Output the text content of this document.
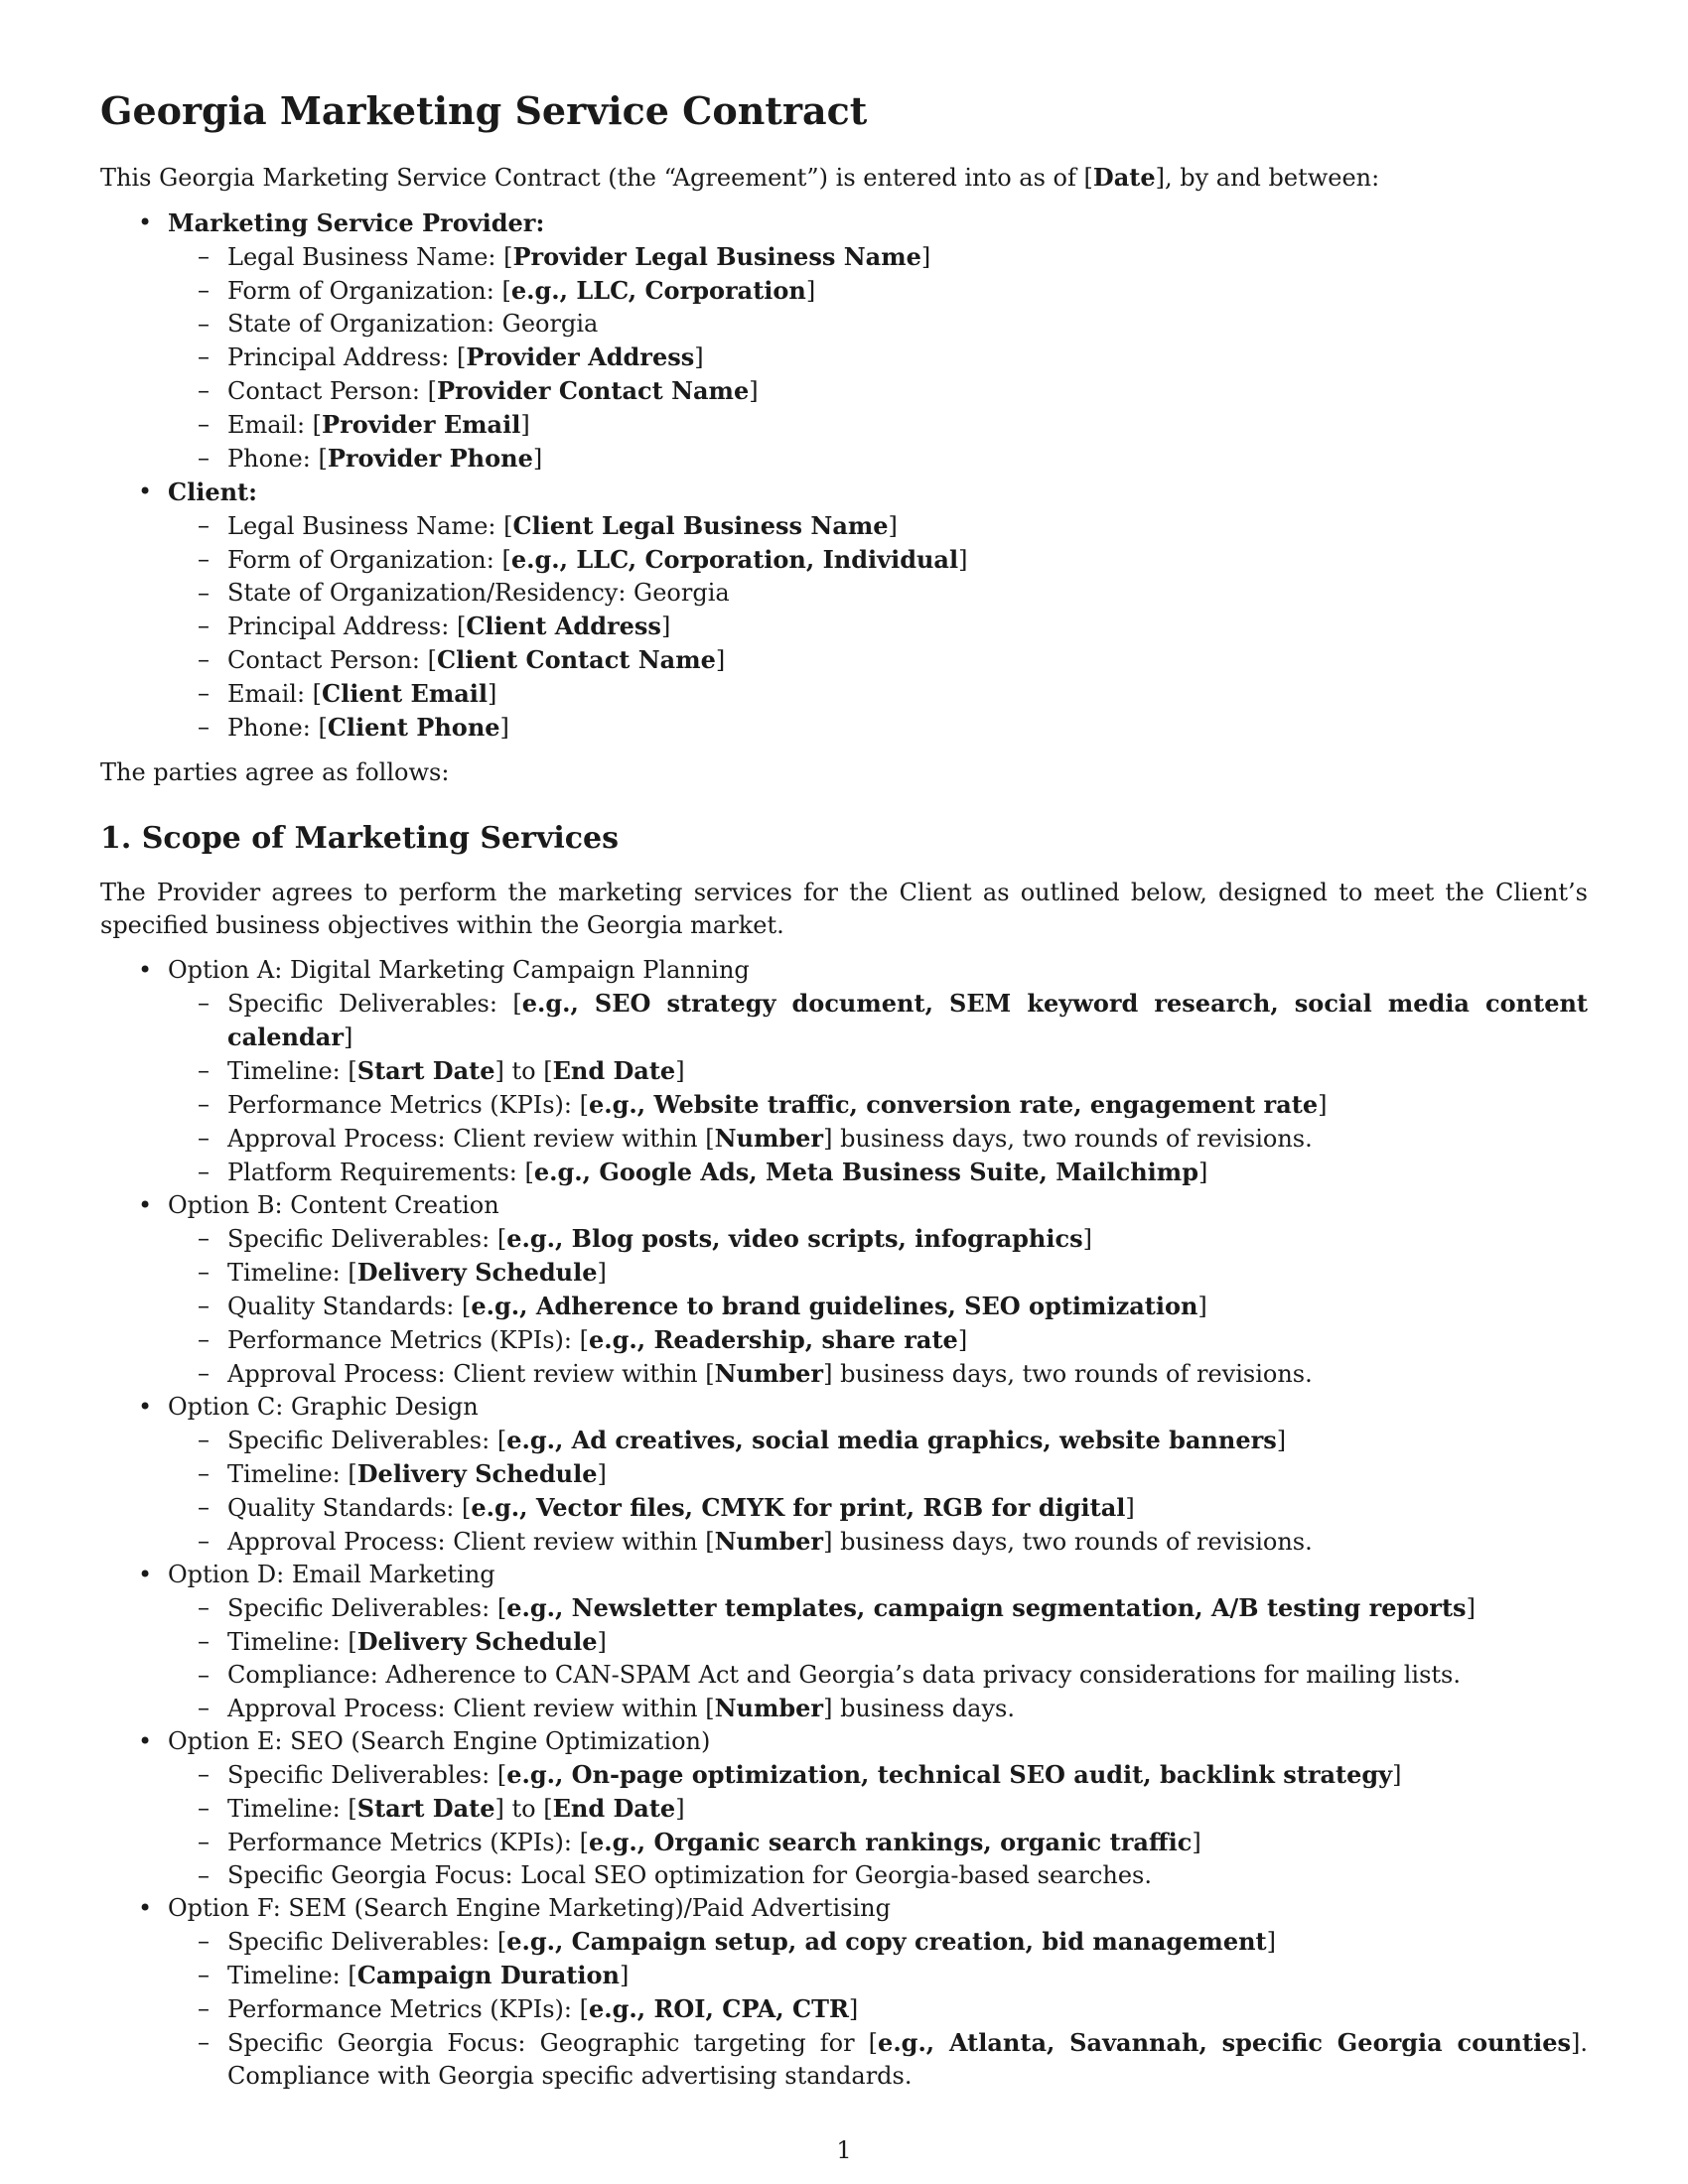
Georgia Marketing Service Contract

This Georgia Marketing Service Contract (the “Agreement”) is entered into as of [Date], by and between:

• Marketing Service Provider:
– Legal Business Name: [Provider Legal Business Name]
– Form of Organization: [e.g., LLC, Corporation]
– State of Organization: Georgia
– Principal Address: [Provider Address]
– Contact Person: [Provider Contact Name]
– Email: [Provider Email]
– Phone: [Provider Phone]
• Client:
– Legal Business Name: [Client Legal Business Name]
– Form of Organization: [e.g., LLC, Corporation, Individual]
– State of Organization/Residency: Georgia
– Principal Address: [Client Address]
– Contact Person: [Client Contact Name]
– Email: [Client Email]
– Phone: [Client Phone]

The parties agree as follows:

1. Scope of Marketing Services

The Provider agrees to perform the marketing services for the Client as outlined below, designed to meet the Client’s specified business objectives within the Georgia market.

• Option A: Digital Marketing Campaign Planning
– Specific Deliverables: [e.g., SEO strategy document, SEM keyword research, social media content calendar]
– Timeline: [Start Date] to [End Date]
– Performance Metrics (KPIs): [e.g., Website traffic, conversion rate, engagement rate]
– Approval Process: Client review within [Number] business days, two rounds of revisions.
– Platform Requirements: [e.g., Google Ads, Meta Business Suite, Mailchimp]
• Option B: Content Creation
– Specific Deliverables: [e.g., Blog posts, video scripts, infographics]
– Timeline: [Delivery Schedule]
– Quality Standards: [e.g., Adherence to brand guidelines, SEO optimization]
– Performance Metrics (KPIs): [e.g., Readership, share rate]
– Approval Process: Client review within [Number] business days, two rounds of revisions.
• Option C: Graphic Design
– Specific Deliverables: [e.g., Ad creatives, social media graphics, website banners]
– Timeline: [Delivery Schedule]
– Quality Standards: [e.g., Vector files, CMYK for print, RGB for digital]
– Approval Process: Client review within [Number] business days, two rounds of revisions.
• Option D: Email Marketing
– Specific Deliverables: [e.g., Newsletter templates, campaign segmentation, A/B testing reports]
– Timeline: [Delivery Schedule]
– Compliance: Adherence to CAN-SPAM Act and Georgia’s data privacy considerations for mailing lists.
– Approval Process: Client review within [Number] business days.
• Option E: SEO (Search Engine Optimization)
– Specific Deliverables: [e.g., On-page optimization, technical SEO audit, backlink strategy]
– Timeline: [Start Date] to [End Date]
– Performance Metrics (KPIs): [e.g., Organic search rankings, organic traffic]
– Specific Georgia Focus: Local SEO optimization for Georgia-based searches.
• Option F: SEM (Search Engine Marketing)/Paid Advertising
– Specific Deliverables: [e.g., Campaign setup, ad copy creation, bid management]
– Timeline: [Campaign Duration]
– Performance Metrics (KPIs): [e.g., ROI, CPA, CTR]
– Specific Georgia Focus: Geographic targeting for [e.g., Atlanta, Savannah, specific Georgia counties]. Compliance with Georgia specific advertising standards.
1
